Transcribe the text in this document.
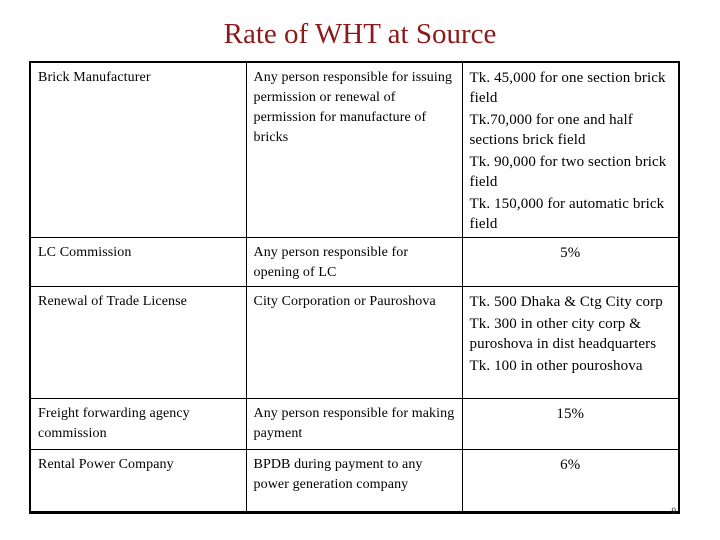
Rate of WHT at Source
Brick Manufacturer	Any person responsible for issuing permission or renewal of permission for manufacture of bricks	Tk. 45,000 for one section brick field
Tk.70,000 for one and half sections brick field
Tk. 90,000 for two section brick field
Tk. 150,000 for automatic brick field

LC Commission	Any person responsible for opening of LC	5%
Renewal of Trade License	City Corporation or Pauroshova	Tk. 500 Dhaka & Ctg City corp
Tk. 300 in other city corp & puroshova in dist headquarters
Tk. 100 in other pouroshova

Freight forwarding agency commission	Any person responsible for making payment	15%
Rental Power Company	BPDB during payment to any power generation company	6%
9
